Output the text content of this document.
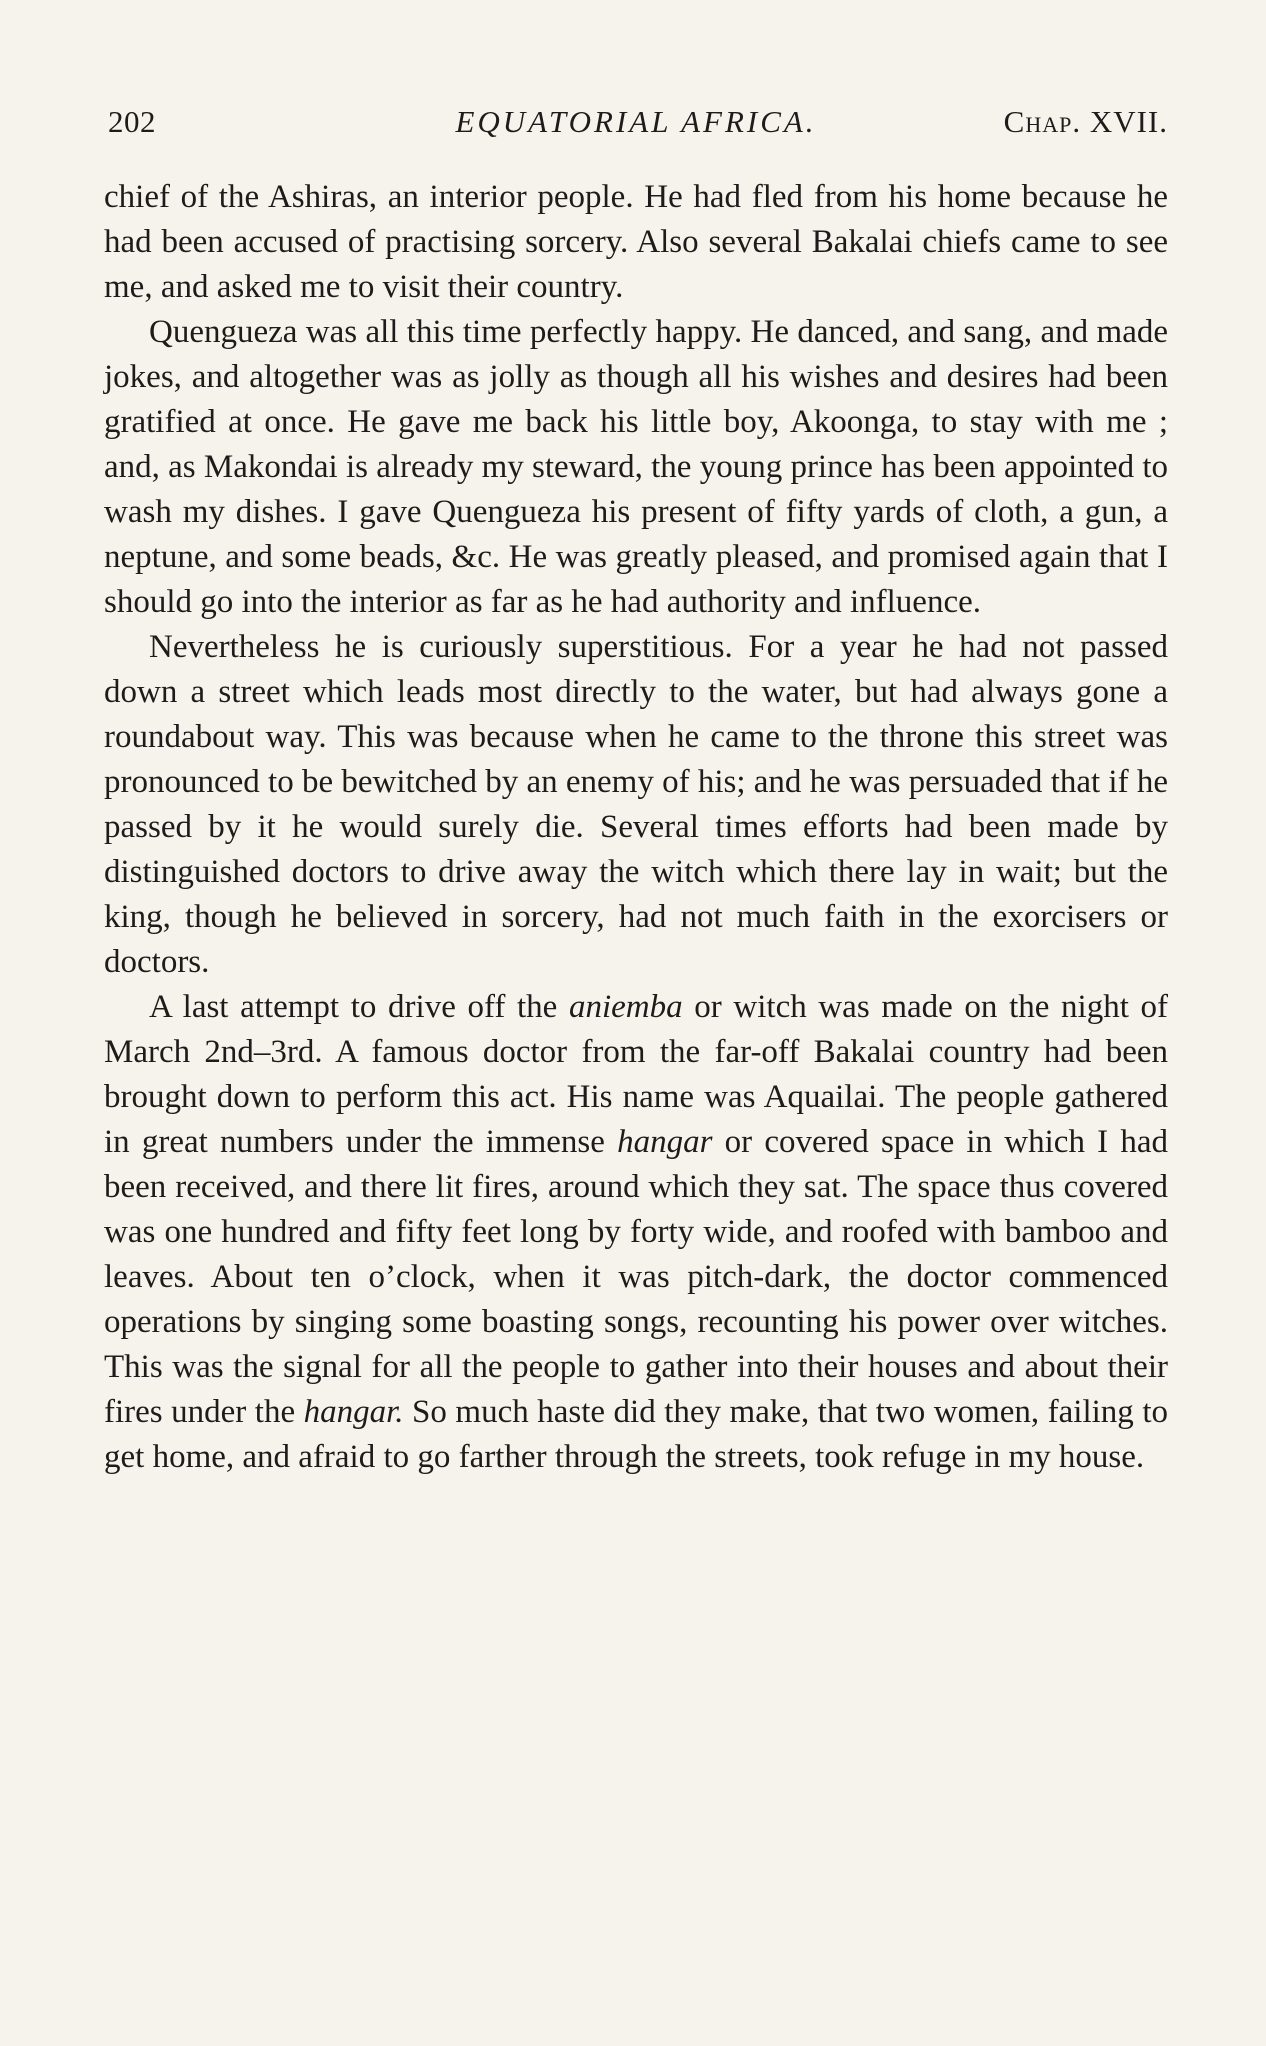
202	EQUATORIAL AFRICA.	Chap. XVII.

chief of the Ashiras, an interior people. He had fled from his home because he had been accused of practising sorcery. Also several Bakalai chiefs came to see me, and asked me to visit their country.

Quengueza was all this time perfectly happy. He danced, and sang, and made jokes, and altogether was as jolly as though all his wishes and desires had been gratified at once. He gave me back his little boy, Akoonga, to stay with me ; and, as Makondai is already my steward, the young prince has been appointed to wash my dishes. I gave Quengueza his present of fifty yards of cloth, a gun, a neptune, and some beads, &c. He was greatly pleased, and promised again that I should go into the interior as far as he had authority and influence.

Nevertheless he is curiously superstitious. For a year he had not passed down a street which leads most directly to the water, but had always gone a roundabout way. This was because when he came to the throne this street was pronounced to be bewitched by an enemy of his; and he was persuaded that if he passed by it he would surely die. Several times efforts had been made by distinguished doctors to drive away the witch which there lay in wait; but the king, though he believed in sorcery, had not much faith in the exorcisers or doctors.

A last attempt to drive off the aniemba or witch was made on the night of March 2nd–3rd. A famous doctor from the far-off Bakalai country had been brought down to perform this act. His name was Aquailai. The people gathered in great numbers under the immense hangar or covered space in which I had been received, and there lit fires, around which they sat. The space thus covered was one hundred and fifty feet long by forty wide, and roofed with bamboo and leaves. About ten o’clock, when it was pitch-dark, the doctor commenced operations by singing some boasting songs, recounting his power over witches. This was the signal for all the people to gather into their houses and about their fires under the hangar. So much haste did they make, that two women, failing to get home, and afraid to go farther through the streets, took refuge in my house.
